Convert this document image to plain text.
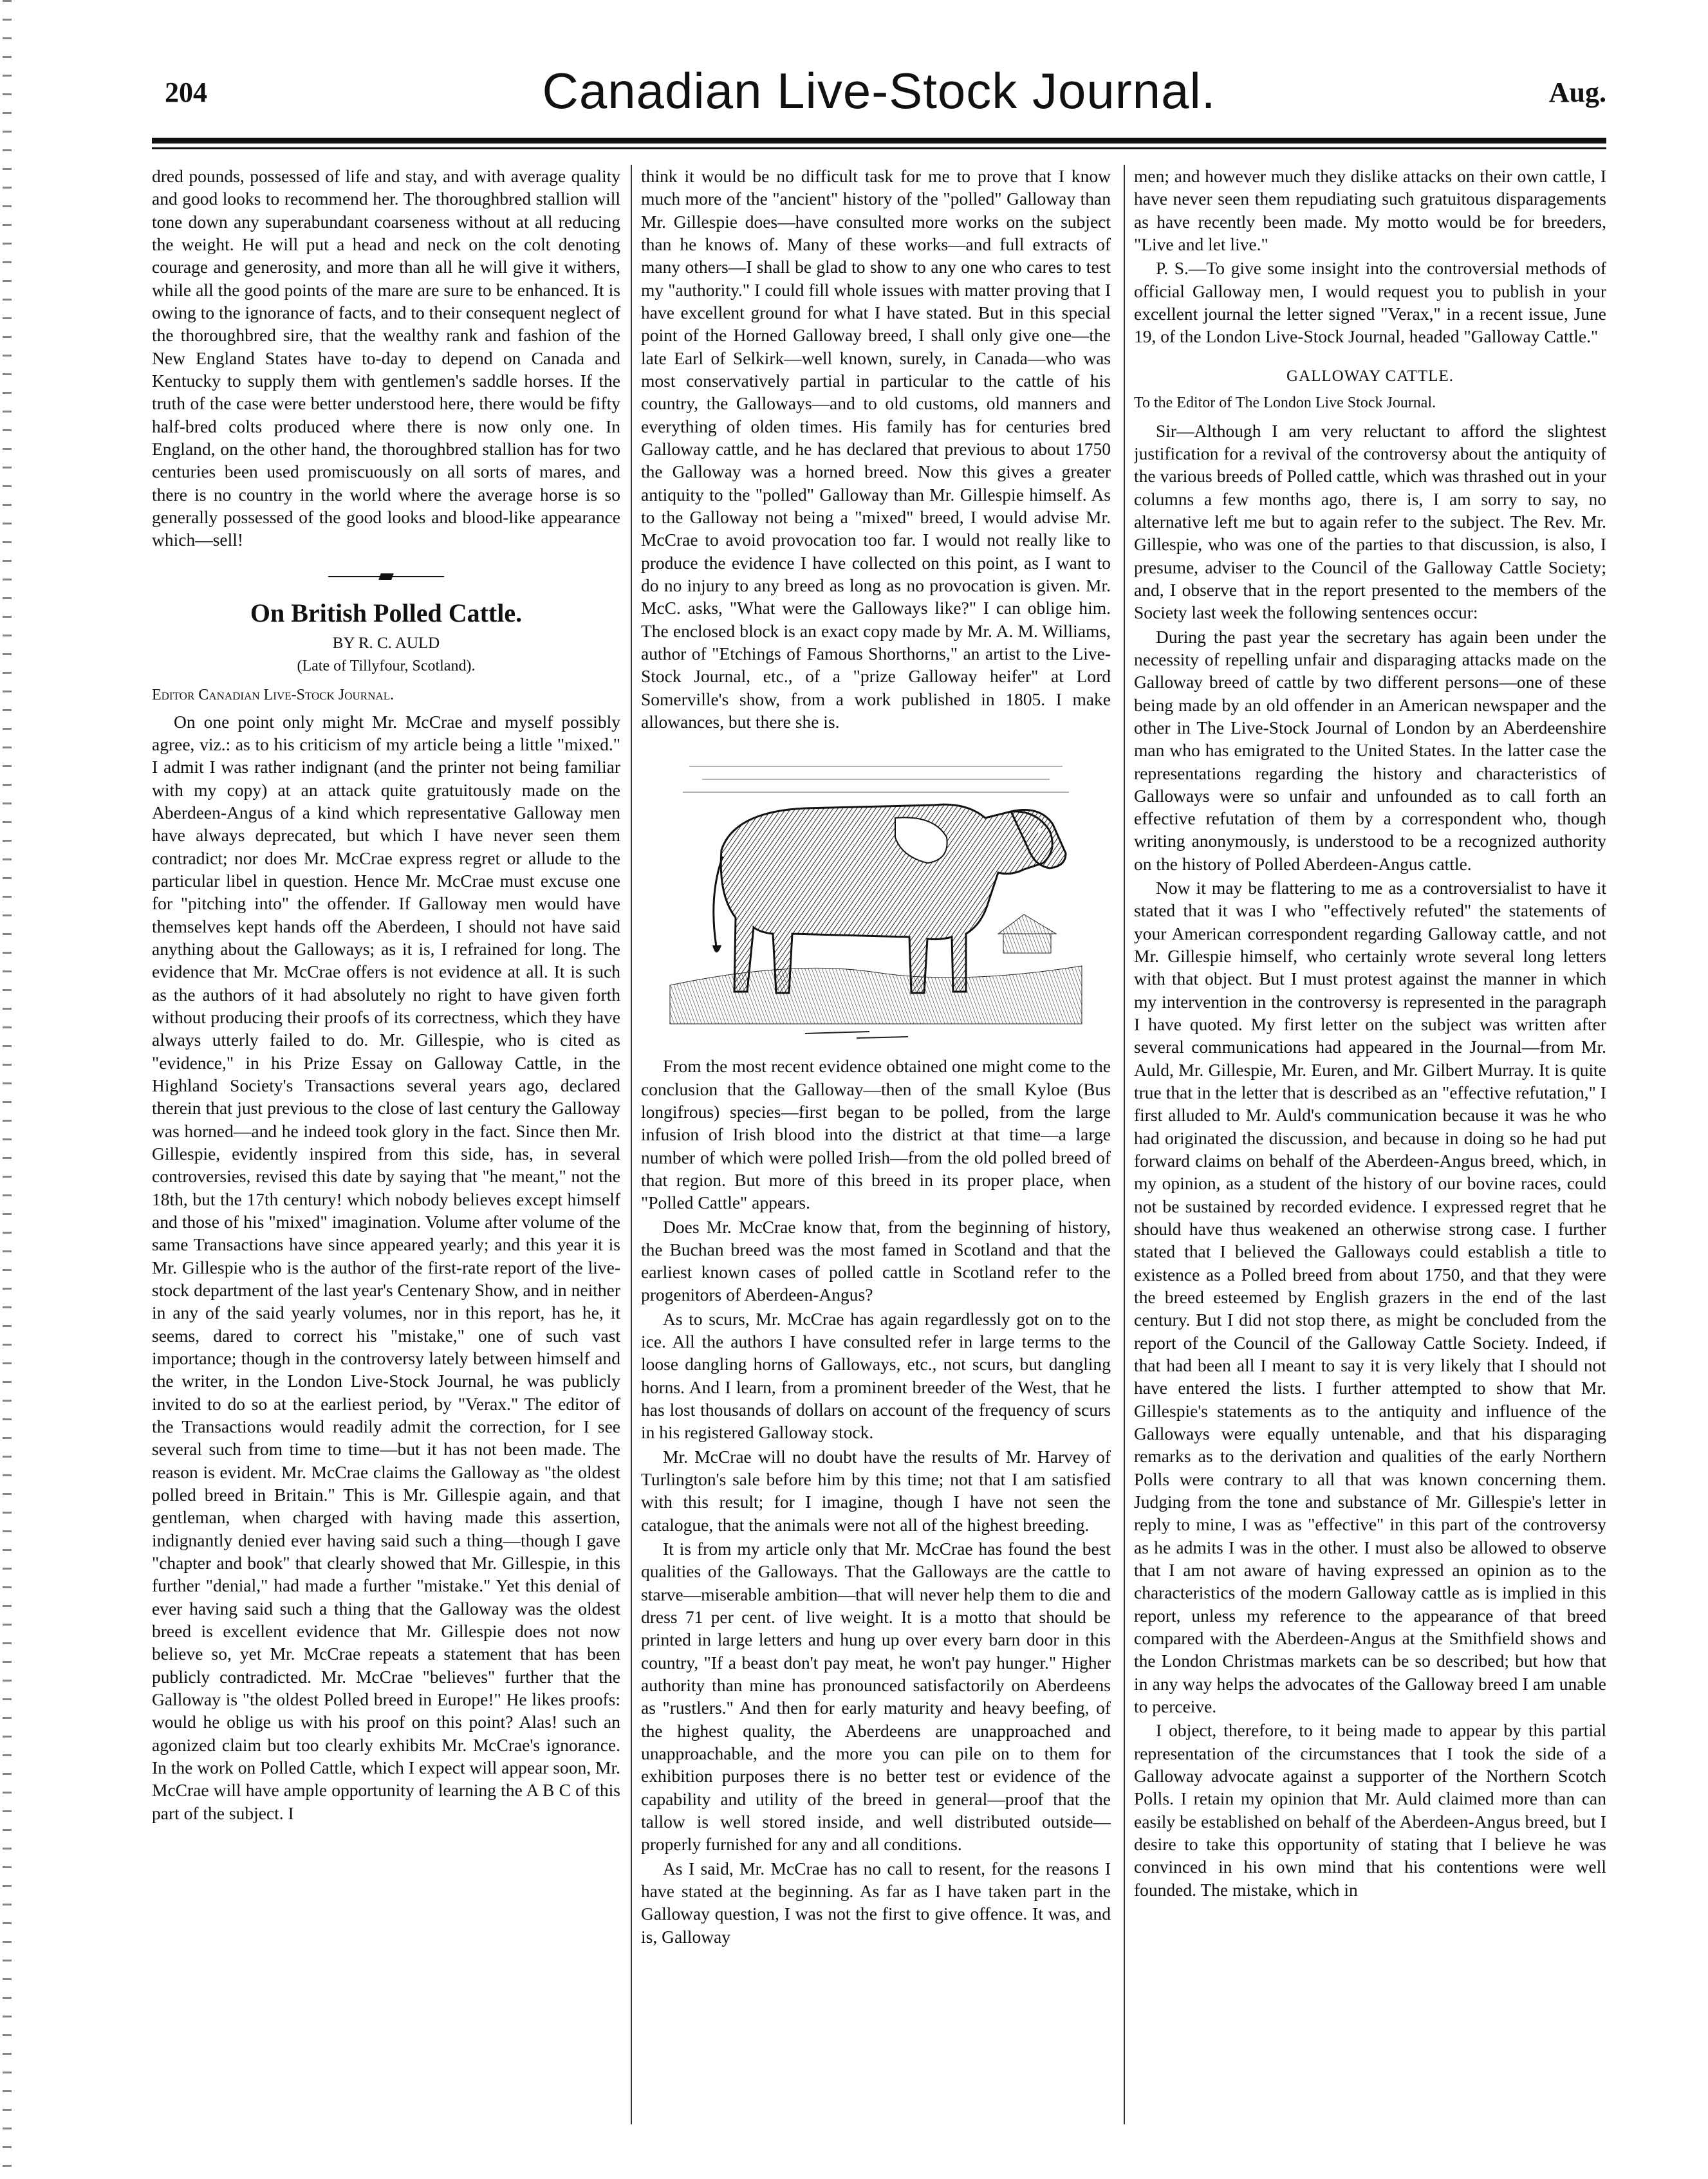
204	Canadian Live-Stock Journal.	Aug.

dred pounds, possessed of life and stay, and with average quality and good looks to recommend her. The thoroughbred stallion will tone down any superabundant coarseness without at all reducing the weight. He will put a head and neck on the colt denoting courage and generosity, and more than all he will give it withers, while all the good points of the mare are sure to be enhanced. It is owing to the ignorance of facts, and to their consequent neglect of the thoroughbred sire, that the wealthy rank and fashion of the New England States have to-day to depend on Canada and Kentucky to supply them with gentlemen's saddle horses. If the truth of the case were better understood here, there would be fifty half-bred colts produced where there is now only one. In England, on the other hand, the thoroughbred stallion has for two centuries been used promiscuously on all sorts of mares, and there is no country in the world where the average horse is so generally possessed of the good looks and blood-like appearance which—sell!

On British Polled Cattle.
BY R. C. AULD
(Late of Tillyfour, Scotland).
Editor Canadian Live-Stock Journal.

On one point only might Mr. McCrae and myself possibly agree, viz.: as to his criticism of my article being a little "mixed." I admit I was rather indignant (and the printer not being familiar with my copy) at an attack quite gratuitously made on the Aberdeen-Angus of a kind which representative Galloway men have always deprecated, but which I have never seen them contradict; nor does Mr. McCrae express regret or allude to the particular libel in question. Hence Mr. McCrae must excuse one for "pitching into" the offender. If Galloway men would have themselves kept hands off the Aberdeen, I should not have said anything about the Galloways; as it is, I refrained for long. The evidence that Mr. McCrae offers is not evidence at all. It is such as the authors of it had absolutely no right to have given forth without producing their proofs of its correctness, which they have always utterly failed to do. Mr. Gillespie, who is cited as "evidence," in his Prize Essay on Galloway Cattle, in the Highland Society's Transactions several years ago, declared therein that just previous to the close of last century the Galloway was horned—and he indeed took glory in the fact. Since then Mr. Gillespie, evidently inspired from this side, has, in several controversies, revised this date by saying that "he meant," not the 18th, but the 17th century! which nobody believes except himself and those of his "mixed" imagination. Volume after volume of the same Transactions have since appeared yearly; and this year it is Mr. Gillespie who is the author of the first-rate report of the live-stock department of the last year's Centenary Show, and in neither in any of the said yearly volumes, nor in this report, has he, it seems, dared to correct his "mistake," one of such vast importance; though in the controversy lately between himself and the writer, in the London Live-Stock Journal, he was publicly invited to do so at the earliest period, by "Verax." The editor of the Transactions would readily admit the correction, for I see several such from time to time—but it has not been made. The reason is evident. Mr. McCrae claims the Galloway as "the oldest polled breed in Britain." This is Mr. Gillespie again, and that gentleman, when charged with having made this assertion, indignantly denied ever having said such a thing—though I gave "chapter and book" that clearly showed that Mr. Gillespie, in this further "denial," had made a further "mistake." Yet this denial of ever having said such a thing that the Galloway was the oldest breed is excellent evidence that Mr. Gillespie does not now believe so, yet Mr. McCrae repeats a statement that has been publicly contradicted. Mr. McCrae "believes" further that the Galloway is "the oldest Polled breed in Europe!" He likes proofs: would he oblige us with his proof on this point? Alas! such an agonized claim but too clearly exhibits Mr. McCrae's ignorance. In the work on Polled Cattle, which I expect will appear soon, Mr. McCrae will have ample opportunity of learning the A B C of this part of the subject. I

think it would be no difficult task for me to prove that I know much more of the "ancient" history of the "polled" Galloway than Mr. Gillespie does—have consulted more works on the subject than he knows of. Many of these works—and full extracts of many others—I shall be glad to show to any one who cares to test my "authority." I could fill whole issues with matter proving that I have excellent ground for what I have stated. But in this special point of the Horned Galloway breed, I shall only give one—the late Earl of Selkirk—well known, surely, in Canada—who was most conservatively partial in particular to the cattle of his country, the Galloways—and to old customs, old manners and everything of olden times. His family has for centuries bred Galloway cattle, and he has declared that previous to about 1750 the Galloway was a horned breed. Now this gives a greater antiquity to the "polled" Galloway than Mr. Gillespie himself. As to the Galloway not being a "mixed" breed, I would advise Mr. McCrae to avoid provocation too far. I would not really like to produce the evidence I have collected on this point, as I want to do no injury to any breed as long as no provocation is given. Mr. McC. asks, "What were the Galloways like?" I can oblige him. The enclosed block is an exact copy made by Mr. A. M. Williams, author of "Etchings of Famous Shorthorns," an artist to the Live-Stock Journal, etc., of a "prize Galloway heifer" at Lord Somerville's show, from a work published in 1805. I make allowances, but there she is.

From the most recent evidence obtained one might come to the conclusion that the Galloway—then of the small Kyloe (Bus longifrous) species—first began to be polled, from the large infusion of Irish blood into the district at that time—a large number of which were polled Irish—from the old polled breed of that region. But more of this breed in its proper place, when "Polled Cattle" appears.

Does Mr. McCrae know that, from the beginning of history, the Buchan breed was the most famed in Scotland and that the earliest known cases of polled cattle in Scotland refer to the progenitors of Aberdeen-Angus?

As to scurs, Mr. McCrae has again regardlessly got on to the ice. All the authors I have consulted refer in large terms to the loose dangling horns of Galloways, etc., not scurs, but dangling horns. And I learn, from a prominent breeder of the West, that he has lost thousands of dollars on account of the frequency of scurs in his registered Galloway stock.

Mr. McCrae will no doubt have the results of Mr. Harvey of Turlington's sale before him by this time; not that I am satisfied with this result; for I imagine, though I have not seen the catalogue, that the animals were not all of the highest breeding.

It is from my article only that Mr. McCrae has found the best qualities of the Galloways. That the Galloways are the cattle to starve—miserable ambition—that will never help them to die and dress 71 per cent. of live weight. It is a motto that should be printed in large letters and hung up over every barn door in this country, "If a beast don't pay meat, he won't pay hunger." Higher authority than mine has pronounced satisfactorily on Aberdeens as "rustlers." And then for early maturity and heavy beefing, of the highest quality, the Aberdeens are unapproached and unapproachable, and the more you can pile on to them for exhibition purposes there is no better test or evidence of the capability and utility of the breed in general—proof that the tallow is well stored inside, and well distributed outside—properly furnished for any and all conditions.

As I said, Mr. McCrae has no call to resent, for the reasons I have stated at the beginning. As far as I have taken part in the Galloway question, I was not the first to give offence. It was, and is, Galloway

men; and however much they dislike attacks on their own cattle, I have never seen them repudiating such gratuitous disparagements as have recently been made. My motto would be for breeders, "Live and let live."

P. S.—To give some insight into the controversial methods of official Galloway men, I would request you to publish in your excellent journal the letter signed "Verax," in a recent issue, June 19, of the London Live-Stock Journal, headed "Galloway Cattle."

GALLOWAY CATTLE.
To the Editor of The London Live Stock Journal.

Sir—Although I am very reluctant to afford the slightest justification for a revival of the controversy about the antiquity of the various breeds of Polled cattle, which was thrashed out in your columns a few months ago, there is, I am sorry to say, no alternative left me but to again refer to the subject. The Rev. Mr. Gillespie, who was one of the parties to that discussion, is also, I presume, adviser to the Council of the Galloway Cattle Society; and, I observe that in the report presented to the members of the Society last week the following sentences occur:

During the past year the secretary has again been under the necessity of repelling unfair and disparaging attacks made on the Galloway breed of cattle by two different persons—one of these being made by an old offender in an American newspaper and the other in The Live-Stock Journal of London by an Aberdeenshire man who has emigrated to the United States. In the latter case the representations regarding the history and characteristics of Galloways were so unfair and unfounded as to call forth an effective refutation of them by a correspondent who, though writing anonymously, is understood to be a recognized authority on the history of Polled Aberdeen-Angus cattle.

Now it may be flattering to me as a controversialist to have it stated that it was I who "effectively refuted" the statements of your American correspondent regarding Galloway cattle, and not Mr. Gillespie himself, who certainly wrote several long letters with that object. But I must protest against the manner in which my intervention in the controversy is represented in the paragraph I have quoted. My first letter on the subject was written after several communications had appeared in the Journal—from Mr. Auld, Mr. Gillespie, Mr. Euren, and Mr. Gilbert Murray. It is quite true that in the letter that is described as an "effective refutation," I first alluded to Mr. Auld's communication because it was he who had originated the discussion, and because in doing so he had put forward claims on behalf of the Aberdeen-Angus breed, which, in my opinion, as a student of the history of our bovine races, could not be sustained by recorded evidence. I expressed regret that he should have thus weakened an otherwise strong case. I further stated that I believed the Galloways could establish a title to existence as a Polled breed from about 1750, and that they were the breed esteemed by English grazers in the end of the last century. But I did not stop there, as might be concluded from the report of the Council of the Galloway Cattle Society. Indeed, if that had been all I meant to say it is very likely that I should not have entered the lists. I further attempted to show that Mr. Gillespie's statements as to the antiquity and influence of the Galloways were equally untenable, and that his disparaging remarks as to the derivation and qualities of the early Northern Polls were contrary to all that was known concerning them. Judging from the tone and substance of Mr. Gillespie's letter in reply to mine, I was as "effective" in this part of the controversy as he admits I was in the other. I must also be allowed to observe that I am not aware of having expressed an opinion as to the characteristics of the modern Galloway cattle as is implied in this report, unless my reference to the appearance of that breed compared with the Aberdeen-Angus at the Smithfield shows and the London Christmas markets can be so described; but how that in any way helps the advocates of the Galloway breed I am unable to perceive.

I object, therefore, to it being made to appear by this partial representation of the circumstances that I took the side of a Galloway advocate against a supporter of the Northern Scotch Polls. I retain my opinion that Mr. Auld claimed more than can easily be established on behalf of the Aberdeen-Angus breed, but I desire to take this opportunity of stating that I believe he was convinced in his own mind that his contentions were well founded. The mistake, which in
